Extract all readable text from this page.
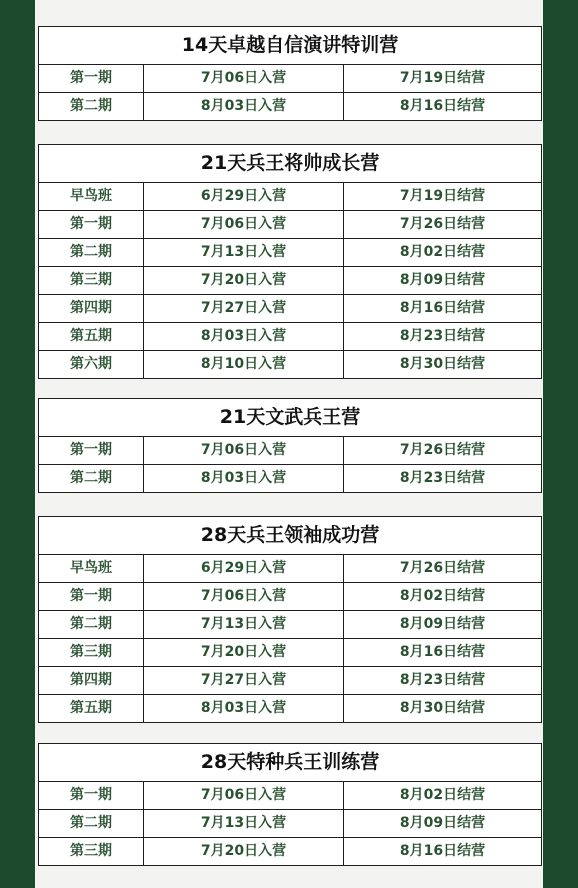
14天卓越自信演讲特训营
第一期	7月06日入营	7月19日结营
第二期	8月03日入营	8月16日结营
21天兵王将帅成长营
早鸟班	6月29日入营	7月19日结营
第一期	7月06日入营	7月26日结营
第二期	7月13日入营	8月02日结营
第三期	7月20日入营	8月09日结营
第四期	7月27日入营	8月16日结营
第五期	8月03日入营	8月23日结营
第六期	8月10日入营	8月30日结营
21天文武兵王营
第一期	7月06日入营	7月26日结营
第二期	8月03日入营	8月23日结营
28天兵王领袖成功营
早鸟班	6月29日入营	7月26日结营
第一期	7月06日入营	8月02日结营
第二期	7月13日入营	8月09日结营
第三期	7月20日入营	8月16日结营
第四期	7月27日入营	8月23日结营
第五期	8月03日入营	8月30日结营
28天特种兵王训练营
第一期	7月06日入营	8月02日结营
第二期	7月13日入营	8月09日结营
第三期	7月20日入营	8月16日结营
